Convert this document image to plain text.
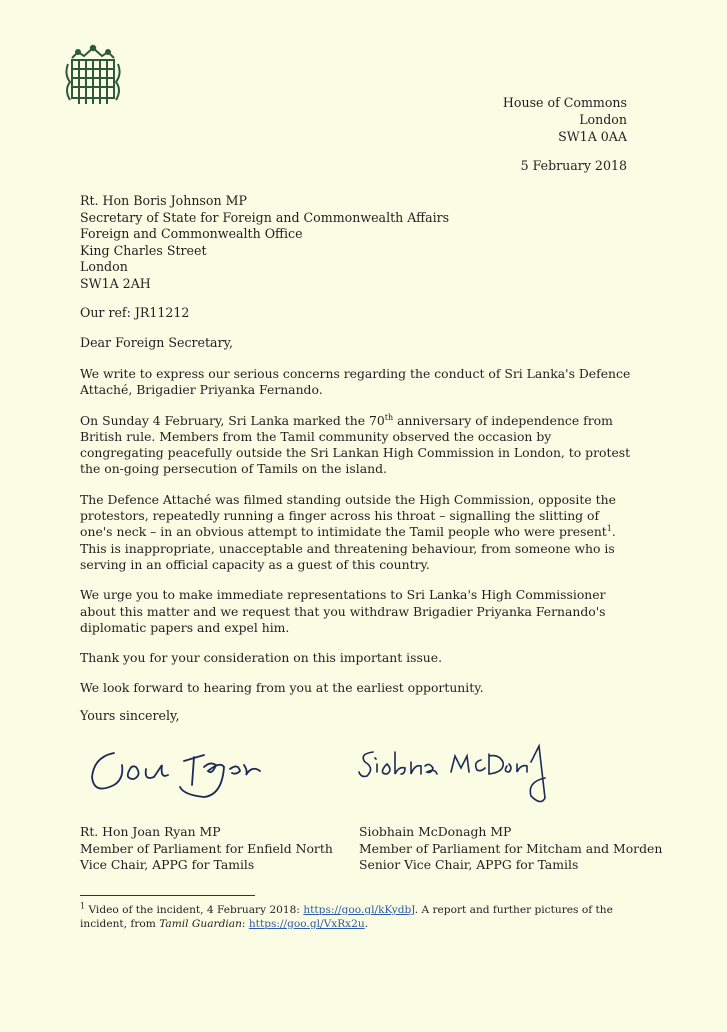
House of Commons
London
SW1A 0AA
5 February 2018
Rt. Hon Boris Johnson MP
Secretary of State for Foreign and Commonwealth Affairs
Foreign and Commonwealth Office
King Charles Street
London
SW1A 2AH
Our ref: JR11212
Dear Foreign Secretary,

We write to express our serious concerns regarding the conduct of Sri Lanka's Defence Attaché, Brigadier Priyanka Fernando.

On Sunday 4 February, Sri Lanka marked the 70th anniversary of independence from British rule. Members from the Tamil community observed the occasion by congregating peacefully outside the Sri Lankan High Commission in London, to protest the on-going persecution of Tamils on the island.

The Defence Attaché was filmed standing outside the High Commission, opposite the protestors, repeatedly running a finger across his throat – signalling the slitting of one's neck – in an obvious attempt to intimidate the Tamil people who were present$^1$. This is inappropriate, unacceptable and threatening behaviour, from someone who is serving in an official capacity as a guest of this country.

We urge you to make immediate representations to Sri Lanka's High Commissioner about this matter and we request that you withdraw Brigadier Priyanka Fernando's diplomatic papers and expel him.

Thank you for your consideration on this important issue.

We look forward to hearing from you at the earliest opportunity.

Yours sincerely,
Rt. Hon Joan Ryan MP
Member of Parliament for Enfield North
Vice Chair, APPG for Tamils
Siobhain McDonagh MP
Member of Parliament for Mitcham and Morden
Senior Vice Chair, APPG for Tamils
$^1$ Video of the incident, 4 February 2018: https://goo.gl/kKydbJ. A report and further pictures of the incident, from Tamil Guardian: https://goo.gl/VxRx2u.
